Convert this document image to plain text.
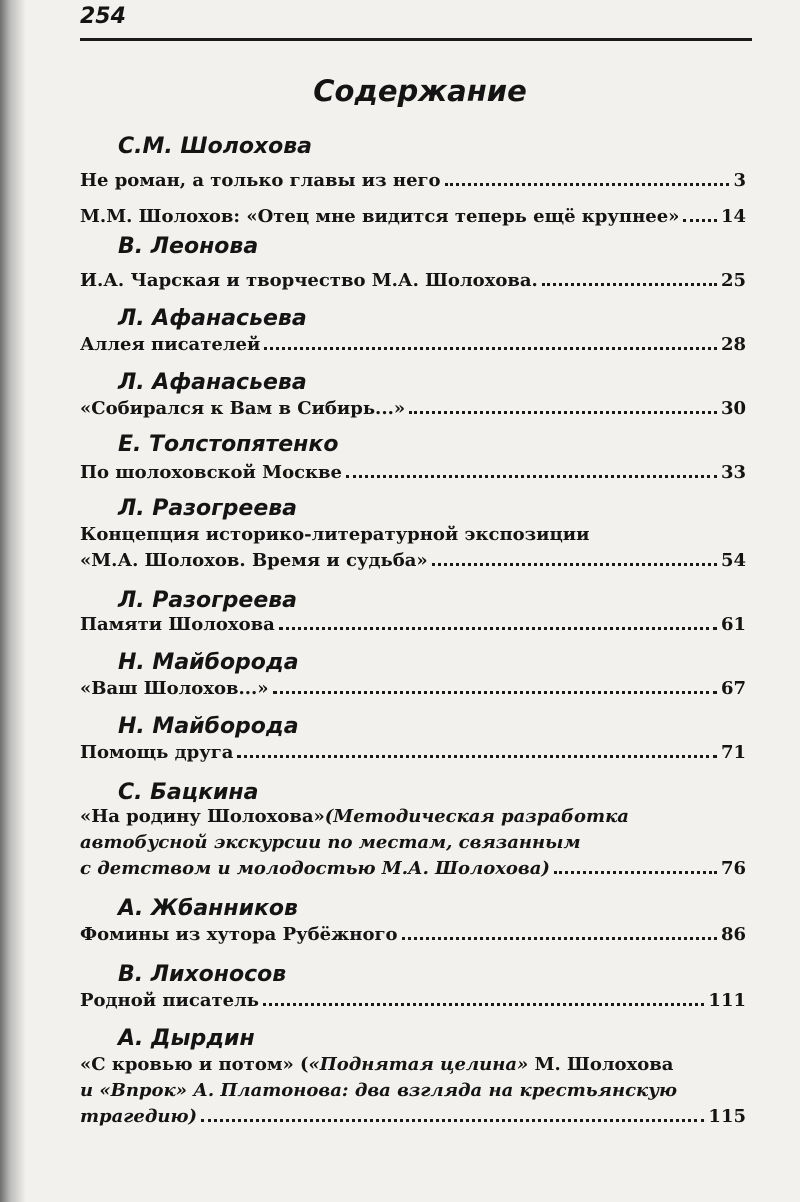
254
Содержание
С.М. Шолохова
Не роман, а только главы из него	3
М.М. Шолохов: «Отец мне видится теперь ещё крупнее» 14
В. Леонова
И.А. Чарская и творчество М.А. Шолохова.	25
Л. Афанасьева
Аллея писателей	28
Л. Афанасьева
«Собирался к Вам в Сибирь...»	30
Е. Толстопятенко
По шолоховской Москве	33
Л. Разогреева
Концепция историко-литературной экспозиции
«М.А. Шолохов. Время и судьба»	54
Л. Разогреева
Памяти Шолохова	61
Н. Майборода
«Ваш Шолохов...»	67
Н. Майборода
Помощь друга	71
С. Бацкина
«На родину Шолохова»(Методическая разработка
автобусной экскурсии по местам, связанным
с детством и молодостью М.А. Шолохова)	76
А. Жбанников
Фомины из хутора Рубёжного	86
В. Лихоносов
Родной писатель	111
А. Дырдин
«С кровью и потом» («Поднятая целина» М. Шолохова
и «Впрок» А. Платонова: два взгляда на крестьянскую
трагедию)	115
